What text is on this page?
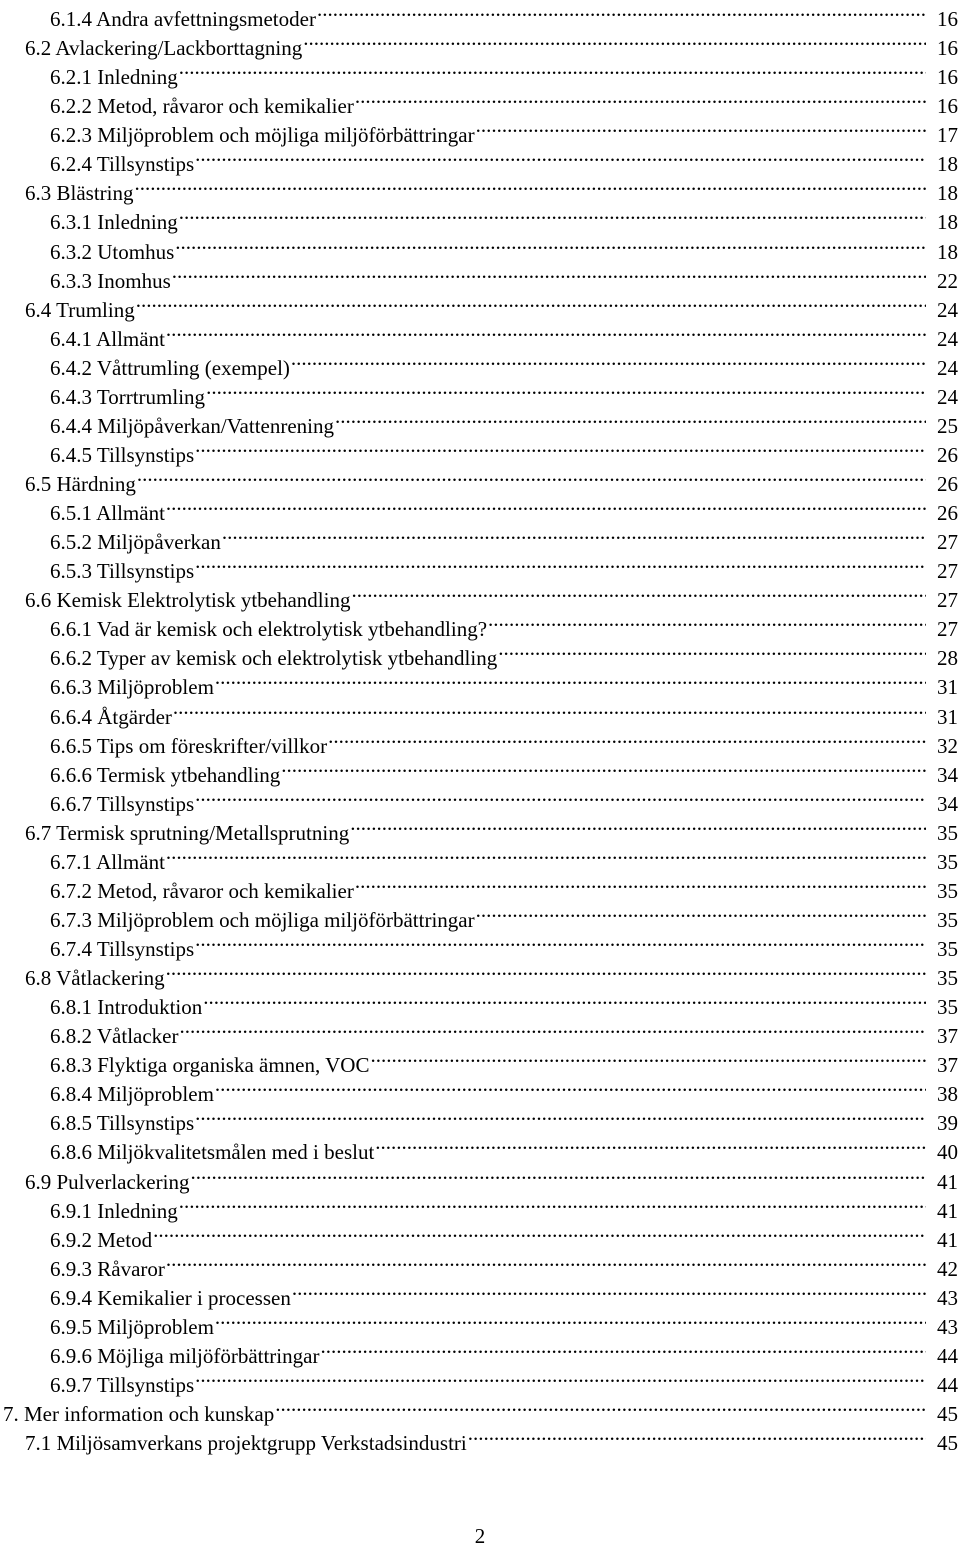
6.1.4 Andra avfettningsmetoder .....	16
6.2 Avlackering/Lackborttagning .....	16
6.2.1 Inledning .....	16
6.2.2 Metod, råvaror och kemikalier .....	16
6.2.3 Miljöproblem och möjliga miljöförbättringar .....	17
6.2.4 Tillsynstips .....	18
6.3 Blästring .....	18
6.3.1 Inledning .....	18
6.3.2 Utomhus .....	18
6.3.3 Inomhus .....	22
6.4 Trumling .....	24
6.4.1 Allmänt .....	24
6.4.2 Våttrumling (exempel) .....	24
6.4.3 Torrtrumling .....	24
6.4.4 Miljöpåverkan/Vattenrening .....	25
6.4.5 Tillsynstips .....	26
6.5 Härdning .....	26
6.5.1 Allmänt .....	26
6.5.2 Miljöpåverkan .....	27
6.5.3 Tillsynstips .....	27
6.6 Kemisk Elektrolytisk ytbehandling .....	27
6.6.1 Vad är kemisk och elektrolytisk ytbehandling? .....	27
6.6.2 Typer av kemisk och elektrolytisk ytbehandling .....	28
6.6.3 Miljöproblem .....	31
6.6.4 Åtgärder .....	31
6.6.5 Tips om föreskrifter/villkor .....	32
6.6.6 Termisk ytbehandling .....	34
6.6.7 Tillsynstips .....	34
6.7 Termisk sprutning/Metallsprutning .....	35
6.7.1 Allmänt .....	35
6.7.2 Metod, råvaror och kemikalier .....	35
6.7.3 Miljöproblem och möjliga miljöförbättringar .....	35
6.7.4 Tillsynstips .....	35
6.8 Våtlackering .....	35
6.8.1 Introduktion .....	35
6.8.2 Våtlacker .....	37
6.8.3 Flyktiga organiska ämnen, VOC .....	37
6.8.4 Miljöproblem .....	38
6.8.5 Tillsynstips .....	39
6.8.6 Miljökvalitetsmålen med i beslut .....	40
6.9 Pulverlackering .....	41
6.9.1 Inledning .....	41
6.9.2 Metod .....	41
6.9.3 Råvaror .....	42
6.9.4 Kemikalier i processen .....	43
6.9.5 Miljöproblem .....	43
6.9.6 Möjliga miljöförbättringar .....	44
6.9.7 Tillsynstips .....	44
7. Mer information och kunskap .....	45
7.1 Miljösamverkans projektgrupp Verkstadsindustri .....	45
2
